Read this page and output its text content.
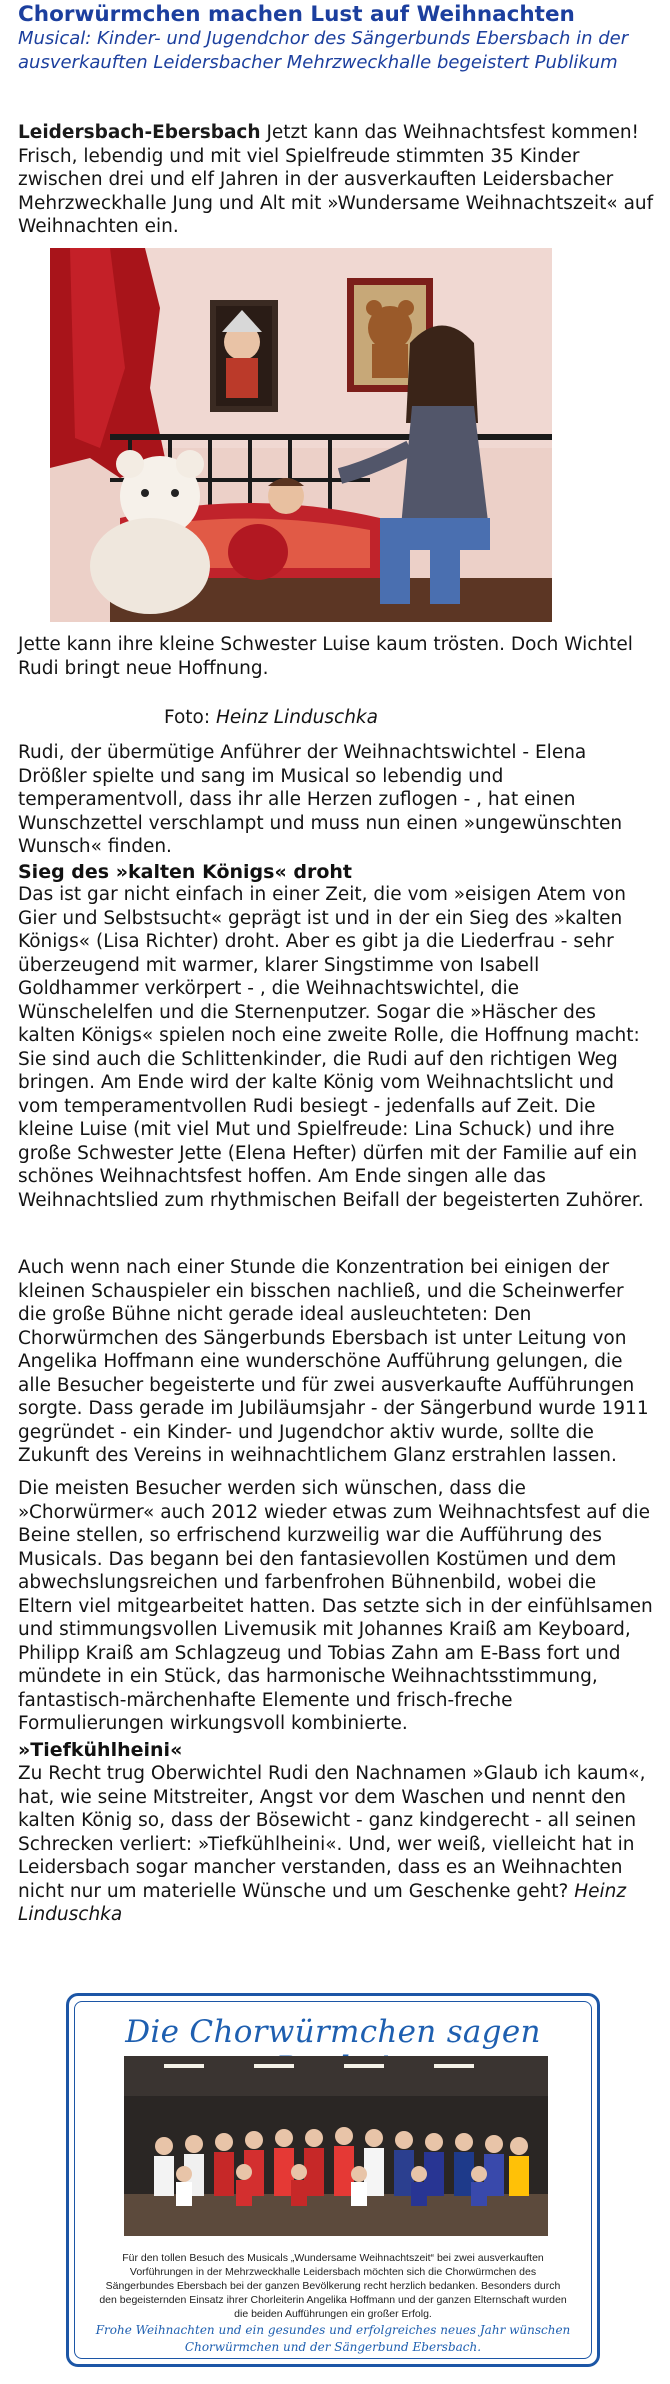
Chorwürmchen machen Lust auf Weihnachten
Musical: Kinder- und Jugendchor des Sängerbunds Ebersbach in der ausverkauften Leidersbacher Mehrzweckhalle begeistert Publikum

Leidersbach-Ebersbach Jetzt kann das Weihnachtsfest kommen! Frisch, lebendig und mit viel Spielfreude stimmten 35 Kinder zwischen drei und elf Jahren in der ausverkauften Leidersbacher Mehrzweckhalle Jung und Alt mit »Wundersame Weihnachtszeit« auf Weihnachten ein.

Jette kann ihre kleine Schwester Luise kaum trösten. Doch Wichtel Rudi bringt neue Hoffnung.

Foto: Heinz Linduschka

Rudi, der übermütige Anführer der Weihnachtswichtel - Elena Drößler spielte und sang im Musical so lebendig und temperamentvoll, dass ihr alle Herzen zuflogen - , hat einen Wunschzettel verschlampt und muss nun einen »ungewünschten Wunsch« finden.

Sieg des »kalten Königs« droht

Das ist gar nicht einfach in einer Zeit, die vom »eisigen Atem von Gier und Selbstsucht« geprägt ist und in der ein Sieg des »kalten Königs« (Lisa Richter) droht. Aber es gibt ja die Liederfrau - sehr überzeugend mit warmer, klarer Singstimme von Isabell Goldhammer verkörpert - , die Weihnachtswichtel, die Wünschelelfen und die Sternenputzer. Sogar die »Häscher des kalten Königs« spielen noch eine zweite Rolle, die Hoffnung macht: Sie sind auch die Schlittenkinder, die Rudi auf den richtigen Weg bringen. Am Ende wird der kalte König vom Weihnachtslicht und vom temperamentvollen Rudi besiegt - jedenfalls auf Zeit. Die kleine Luise (mit viel Mut und Spielfreude: Lina Schuck) und ihre große Schwester Jette (Elena Hefter) dürfen mit der Familie auf ein schönes Weihnachtsfest hoffen. Am Ende singen alle das Weihnachtslied zum rhythmischen Beifall der begeisterten Zuhörer.

Auch wenn nach einer Stunde die Konzentration bei einigen der kleinen Schauspieler ein bisschen nachließ, und die Scheinwerfer die große Bühne nicht gerade ideal ausleuchteten: Den Chorwürmchen des Sängerbunds Ebersbach ist unter Leitung von Angelika Hoffmann eine wunderschöne Aufführung gelungen, die alle Besucher begeisterte und für zwei ausverkaufte Aufführungen sorgte. Dass gerade im Jubiläumsjahr - der Sängerbund wurde 1911 gegründet - ein Kinder- und Jugendchor aktiv wurde, sollte die Zukunft des Vereins in weihnachtlichem Glanz erstrahlen lassen.

Die meisten Besucher werden sich wünschen, dass die »Chorwürmer« auch 2012 wieder etwas zum Weihnachtsfest auf die Beine stellen, so erfrischend kurzweilig war die Aufführung des Musicals. Das begann bei den fantasievollen Kostümen und dem abwechslungsreichen und farbenfrohen Bühnenbild, wobei die Eltern viel mitgearbeitet hatten. Das setzte sich in der einfühlsamen und stimmungsvollen Livemusik mit Johannes Kraiß am Keyboard, Philipp Kraiß am Schlagzeug und Tobias Zahn am E-Bass fort und mündete in ein Stück, das harmonische Weihnachtsstimmung, fantastisch-märchenhafte Elemente und frisch-freche Formulierungen wirkungsvoll kombinierte.

»Tiefkühlheini«

Zu Recht trug Oberwichtel Rudi den Nachnamen »Glaub ich kaum«, hat, wie seine Mitstreiter, Angst vor dem Waschen und nennt den kalten König so, dass der Bösewicht - ganz kindgerecht - all seinen Schrecken verliert: »Tiefkühlheini«. Und, wer weiß, vielleicht hat in Leidersbach sogar mancher verstanden, dass es an Weihnachten nicht nur um materielle Wünsche und um Geschenke geht? Heinz Linduschka

Die Chorwürmchen sagen
Für den tollen Besuch des Musicals „Wundersame Weihnachtszeit“ bei zwei ausverkauften Vorführungen in der Mehrzweckhalle Leidersbach möchten sich die Chorwürmchen des Sängerbundes Ebersbach bei der ganzen Bevölkerung recht herzlich bedanken. Besonders durch den begeisternden Einsatz ihrer Chorleiterin Angelika Hoffmann und der ganzen Elternschaft wurden die beiden Aufführungen ein großer Erfolg.
Frohe Weihnachten und ein gesundes und erfolgreiches neues Jahr wünschen Chorwürmchen und der Sängerbund Ebersbach.
